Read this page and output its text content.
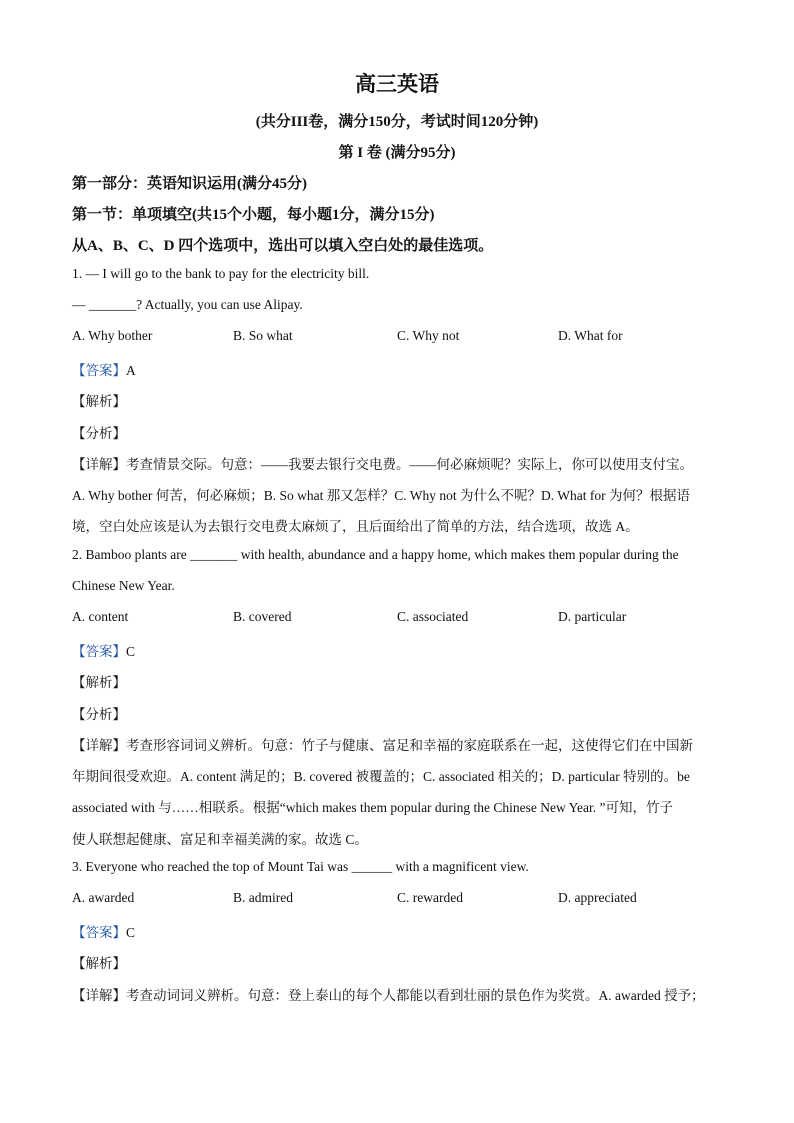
高三英语
(共分III卷，满分150分，考试时间120分钟)
第 I 卷 (满分95分)
第一部分：英语知识运用(满分45分)
第一节：单项填空(共15个小题，每小题1分，满分15分)
从A、B、C、D 四个选项中，选出可以填入空白处的最佳选项。
1. — I will go to the bank to pay for the electricity bill.
— _______? Actually, you can use Alipay.
A. Why bother	B. So what	C. Why not	D. What for
【答案】A
【解析】
【分析】
【详解】考查情景交际。句意：——我要去银行交电费。——何必麻烦呢？实际上，你可以使用支付宝。
A. Why bother 何苦，何必麻烦；B. So what 那又怎样？C. Why not 为什么不呢？D. What for 为何？根据语
境，空白处应该是认为去银行交电费太麻烦了，且后面给出了简单的方法，结合选项，故选 A。
2. Bamboo plants are _______ with health, abundance and a happy home, which makes them popular during the
Chinese New Year.
A. content	B. covered	C. associated	D. particular
【答案】C
【解析】
【分析】
【详解】考查形容词词义辨析。句意：竹子与健康、富足和幸福的家庭联系在一起，这使得它们在中国新
年期间很受欢迎。A. content 满足的；B. covered 被覆盖的；C. associated 相关的；D. particular 特别的。be
associated with 与……相联系。根据“which makes them popular during the Chinese New Year. ”可知，竹子
使人联想起健康、富足和幸福美满的家。故选 C。
3. Everyone who reached the top of Mount Tai was ______ with a magnificent view.
A. awarded	B. admired	C. rewarded	D. appreciated
【答案】C
【解析】
【详解】考查动词词义辨析。句意：登上泰山的每个人都能以看到壮丽的景色作为奖赏。A. awarded 授予；
